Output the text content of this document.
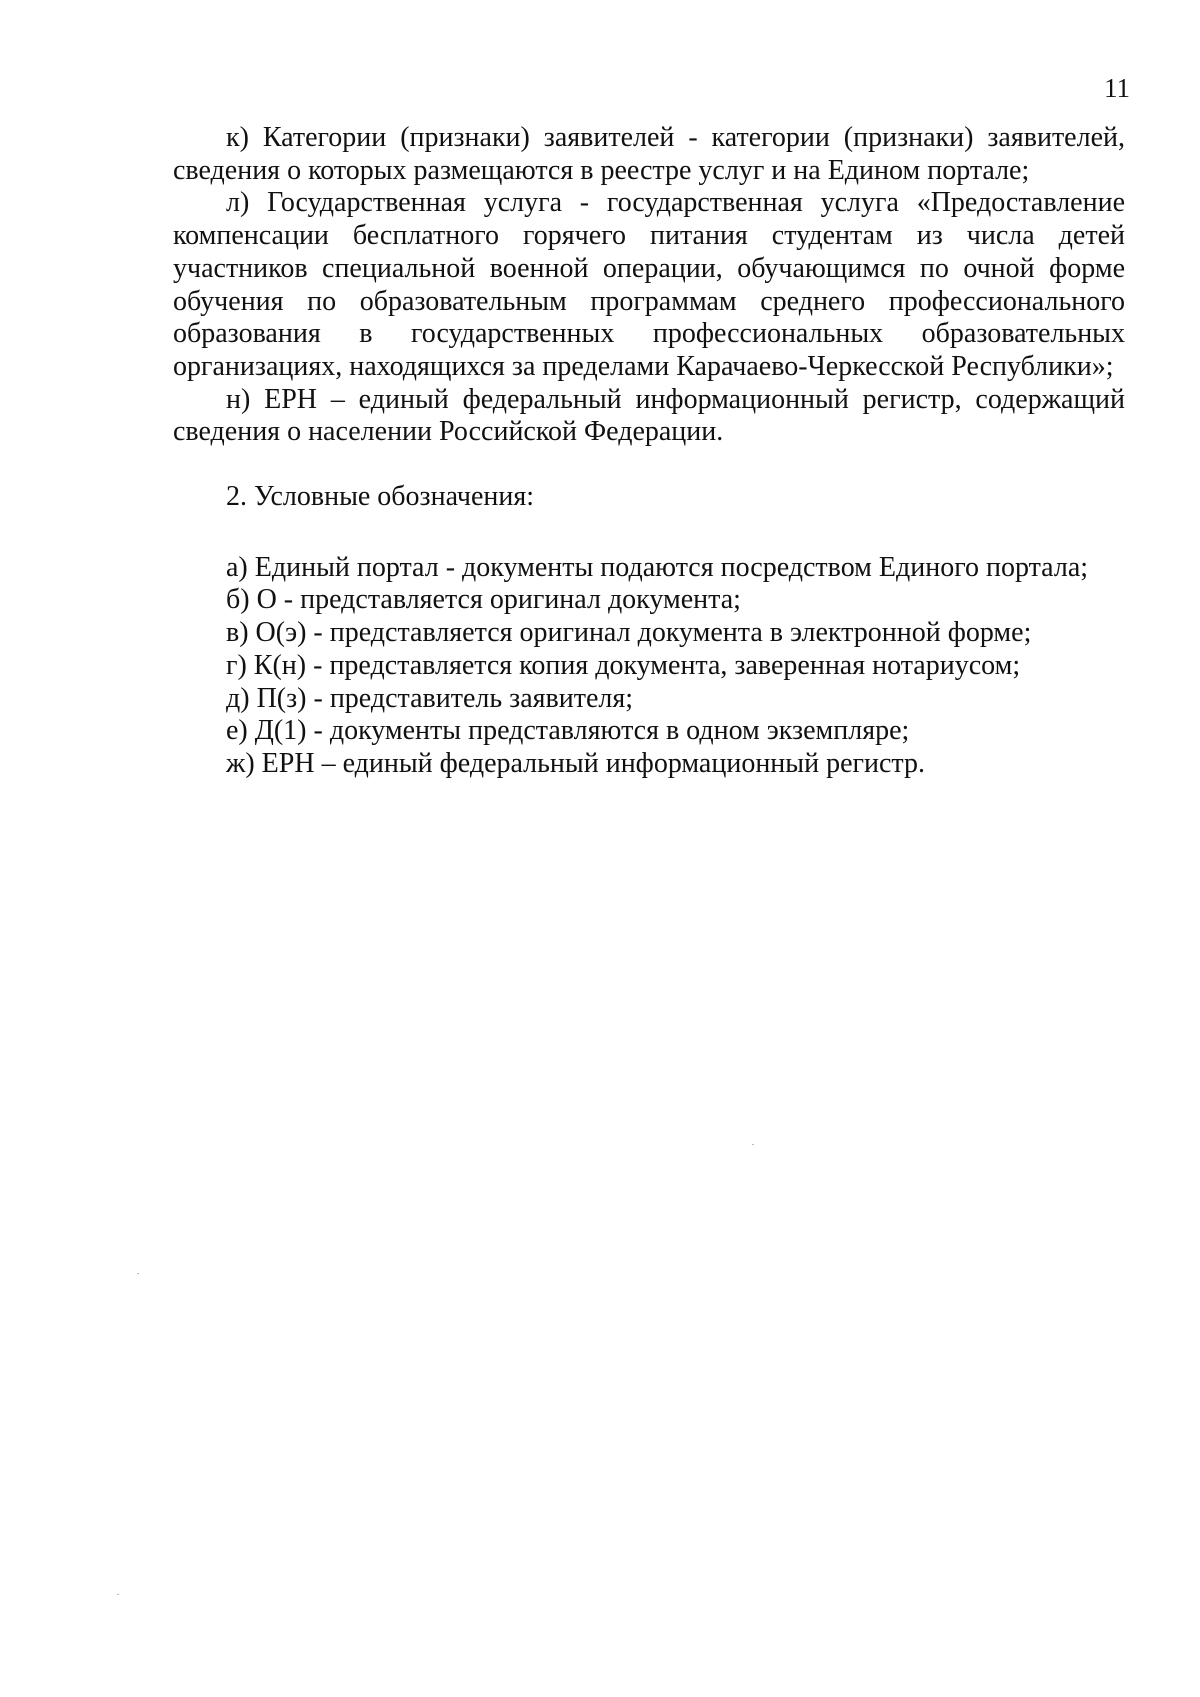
11

к) Категории (признаки) заявителей - категории (признаки) заявителей, сведения о которых размещаются в реестре услуг и на Едином портале;

л) Государственная услуга - государственная услуга «Предоставление компенсации бесплатного горячего питания студентам из числа детей участников специальной военной операции, обучающимся по очной форме обучения по образовательным программам среднего профессионального образования в государственных профессиональных образовательных организациях, находящихся за пределами Карачаево-Черкесской Республики»;

н) ЕРН – единый федеральный информационный регистр, содержащий сведения о населении Российской Федерации.

2. Условные обозначения:

а) Единый портал - документы подаются посредством Единого портала;
б) О - представляется оригинал документа;
в) О(э) - представляется оригинал документа в электронной форме;
г) К(н) - представляется копия документа, заверенная нотариусом;
д) П(з) - представитель заявителя;
е) Д(1) - документы представляются в одном экземпляре;
ж) ЕРН – единый федеральный информационный регистр.
